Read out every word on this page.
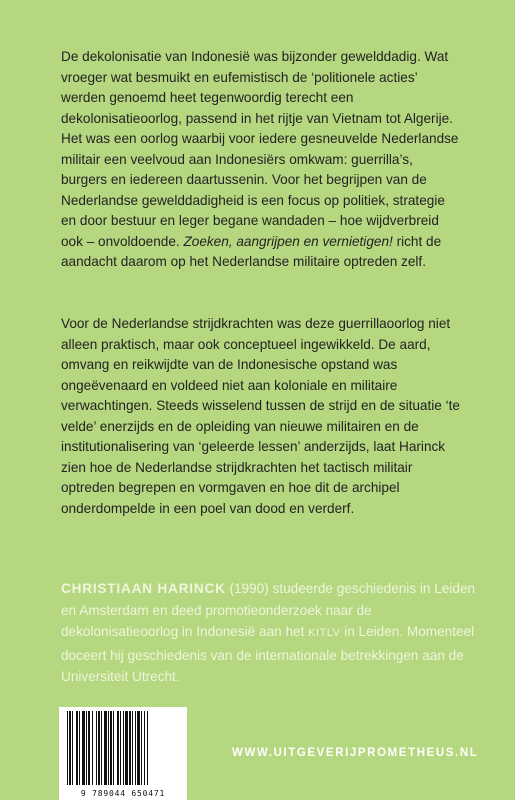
De dekolonisatie van Indonesië was bijzonder gewelddadig. Wat vroeger wat besmuikt en eufemistisch de ‘politionele acties’ werden genoemd heet tegenwoordig terecht een dekolonisatieoorlog, passend in het rijtje van Vietnam tot Algerije. Het was een oorlog waarbij voor iedere gesneuvelde Nederlandse militair een veelvoud aan Indonesiërs omkwam: guerrilla’s, burgers en iedereen daartussenin. Voor het begrijpen van de Nederlandse gewelddadigheid is een focus op politiek, strategie en door bestuur en leger begane wandaden – hoe wijdverbreid ook – onvoldoende. Zoeken, aangrijpen en vernietigen! richt de aandacht daarom op het Nederlandse militaire optreden zelf.

Voor de Nederlandse strijdkrachten was deze guerrillaoorlog niet alleen praktisch, maar ook conceptueel ingewikkeld. De aard, omvang en reikwijdte van de Indonesische opstand was ongeëvenaard en voldeed niet aan koloniale en militaire verwachtingen. Steeds wisselend tussen de strijd en de situatie ‘te velde’ enerzijds en de opleiding van nieuwe militairen en de institutionalisering van ‘geleerde lessen’ anderzijds, laat Harinck zien hoe de Nederlandse strijdkrachten het tactisch militair optreden begrepen en vormgaven en hoe dit de archipel onderdompelde in een poel van dood en verderf.

CHRISTIAAN HARINCK (1990) studeerde geschiedenis in Leiden en Amsterdam en deed promotieonderzoek naar de dekolonisatieoorlog in Indonesië aan het KITLV in Leiden. Momenteel doceert hij geschiedenis van de internationale betrekkingen aan de Universiteit Utrecht.
9 789044 650471
WWW.UITGEVERIJPROMETHEUS.NL
